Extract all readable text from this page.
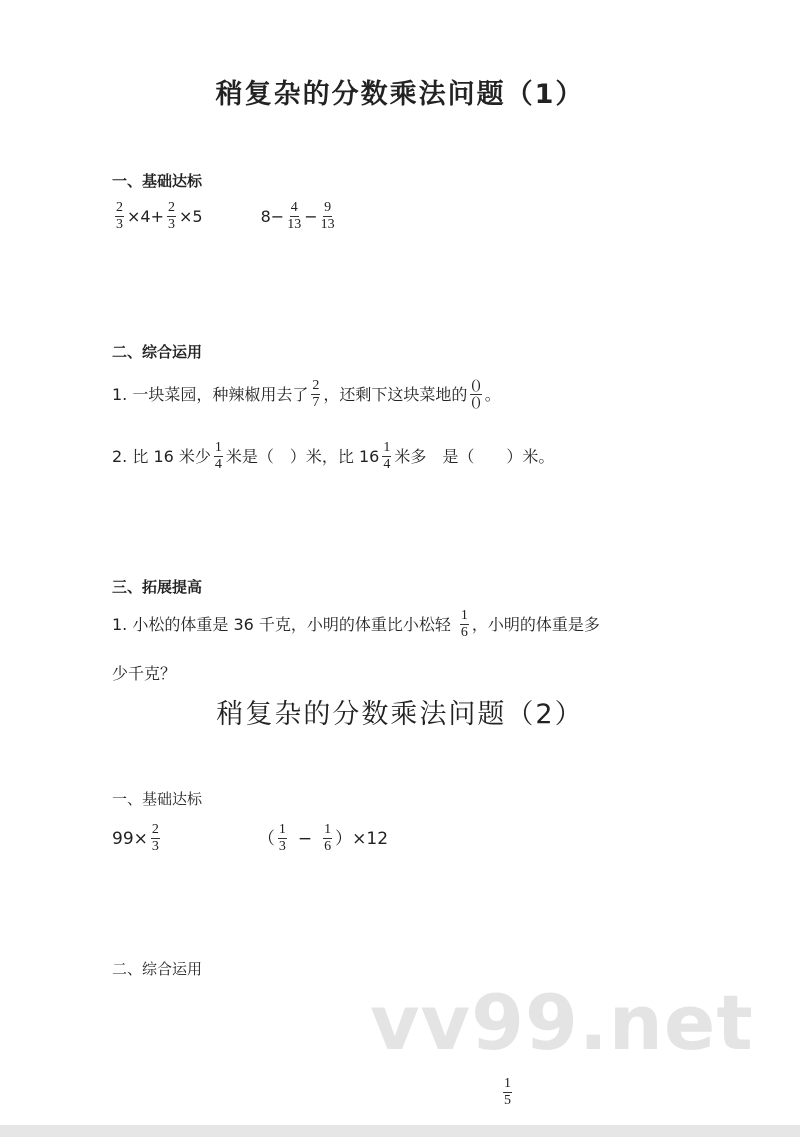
稍复杂的分数乘法问题（1）
一、基础达标
$\frac{2}{3} \times 4+ \frac{2}{3} \times 5$	$8- \frac{4}{13} - \frac{9}{13}$
二、综合运用
1. 一块菜园，种辣椒用去了 $\frac{2}{7}$ ，还剩下这块菜地的 $\frac{()}{()}$ 。
2. 比 16 米少 $\frac{1}{4}$ 米是（　）米，比 $16 \frac{1}{4}$ 米多　是（　　）米。
三、拓展提高
1. 小松的体重是 36 千克，小明的体重比小松轻 $\frac{1}{6}$ ，小明的体重是多
少千克？
稍复杂的分数乘法问题（2）
一、基础达标
$99\times \frac{2}{3}$	（ $\frac{1}{3} - \frac{1}{6} )\times 12$
二、综合运用
vv99.net
$\frac{1}{5}$
